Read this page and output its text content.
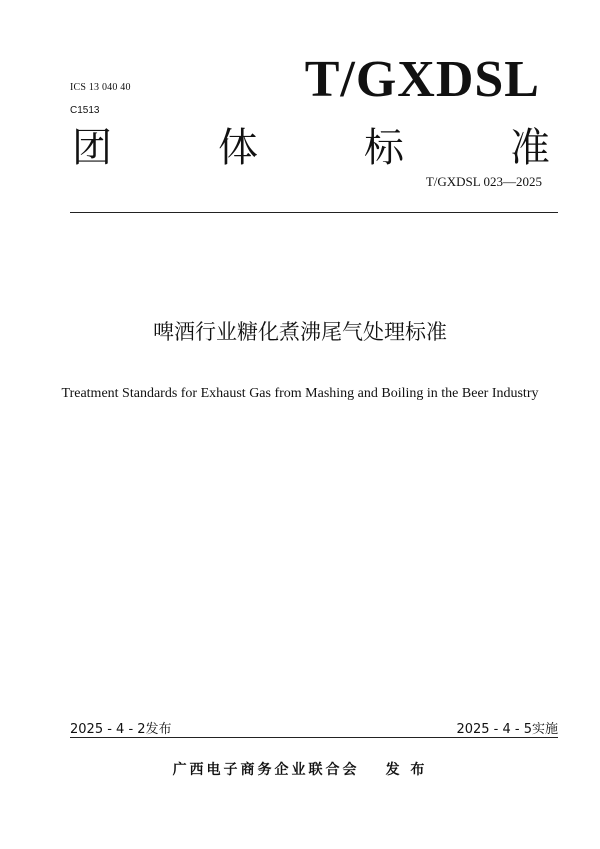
ICS 13 040 40
C1513
T/GXDSL
团	体	标	准
T/GXDSL 023—2025
啤酒行业糖化煮沸尾气处理标准
Treatment Standards for Exhaust Gas from Mashing and Boiling in the Beer Industry
2025 - 4 - 2发布	2025 - 4 - 5实施
广西电子商务企业联合会 发 布
